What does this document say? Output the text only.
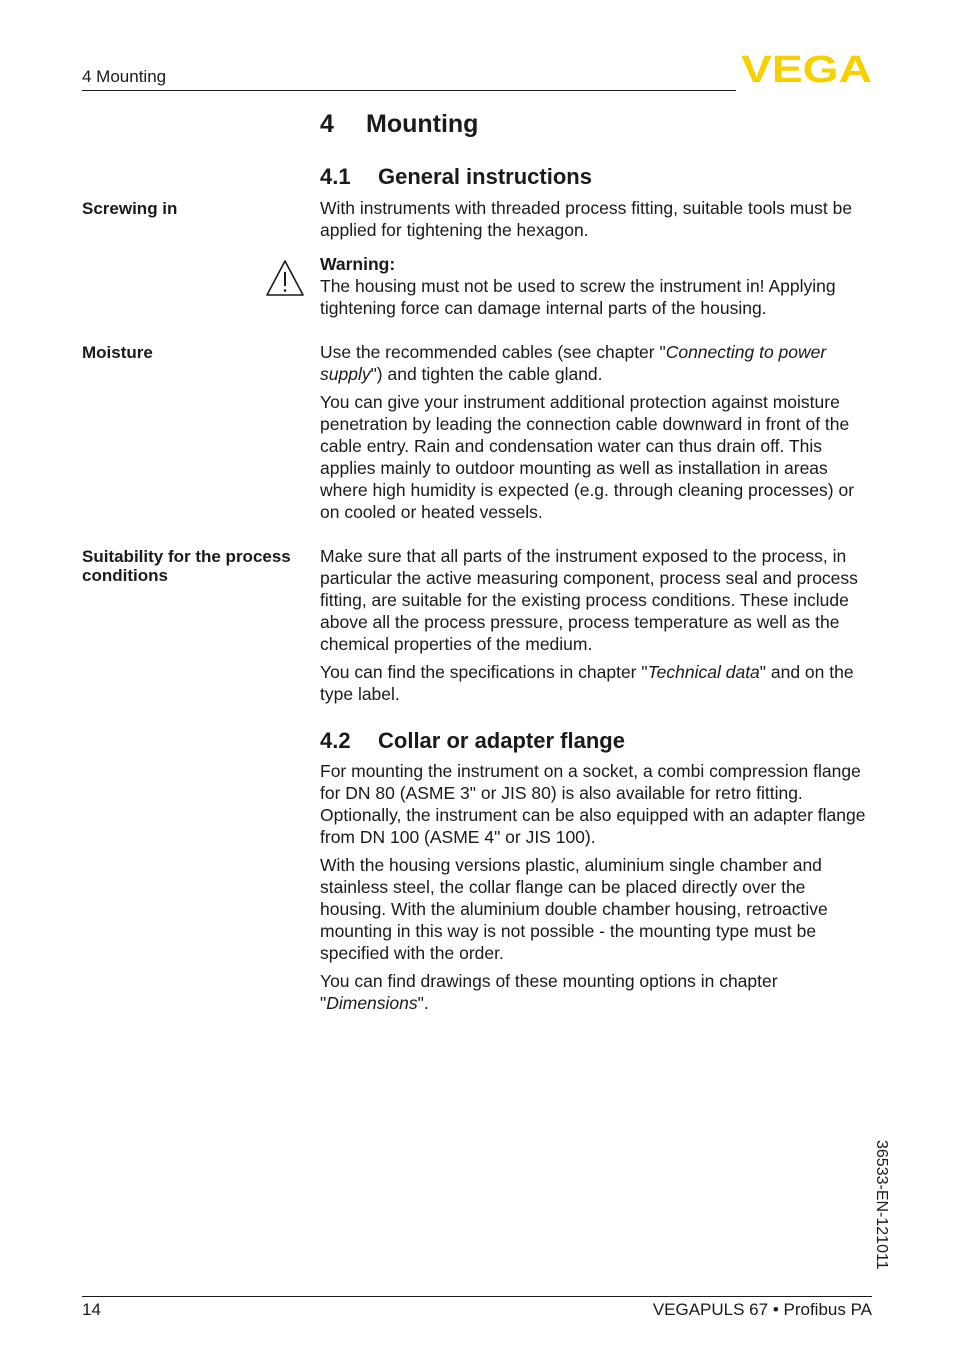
4 Mounting	VEGA
4 Mounting
4.1 General instructions
Screwing in	With instruments with threaded process fitting, suitable tools must be applied for tightening the hexagon.

Warning:

The housing must not be used to screw the instrument in! Applying tightening force can damage internal parts of the housing.

Moisture	Use the recommended cables (see chapter "Connecting to power supply") and tighten the cable gland.

You can give your instrument additional protection against moisture penetration by leading the connection cable downward in front of the cable entry. Rain and condensation water can thus drain off. This applies mainly to outdoor mounting as well as installation in areas where high humidity is expected (e.g. through cleaning processes) or on cooled or heated vessels.

Suitability for the process conditions

Make sure that all parts of the instrument exposed to the process, in particular the active measuring component, process seal and process fitting, are suitable for the existing process conditions. These include above all the process pressure, process temperature as well as the chemical properties of the medium.

You can find the specifications in chapter "Technical data" and on the type label.

4.2 Collar or adapter flange

For mounting the instrument on a socket, a combi compression flange for DN 80 (ASME 3" or JIS 80) is also available for retro fitting. Optionally, the instrument can be also equipped with an adapter flange from DN 100 (ASME 4" or JIS 100).

With the housing versions plastic, aluminium single chamber and stainless steel, the collar flange can be placed directly over the housing. With the aluminium double chamber housing, retroactive mounting in this way is not possible - the mounting type must be specified with the order.

You can find drawings of these mounting options in chapter "Dimensions".

36533-EN-121011
14	VEGAPULS 67 • Profibus PA
